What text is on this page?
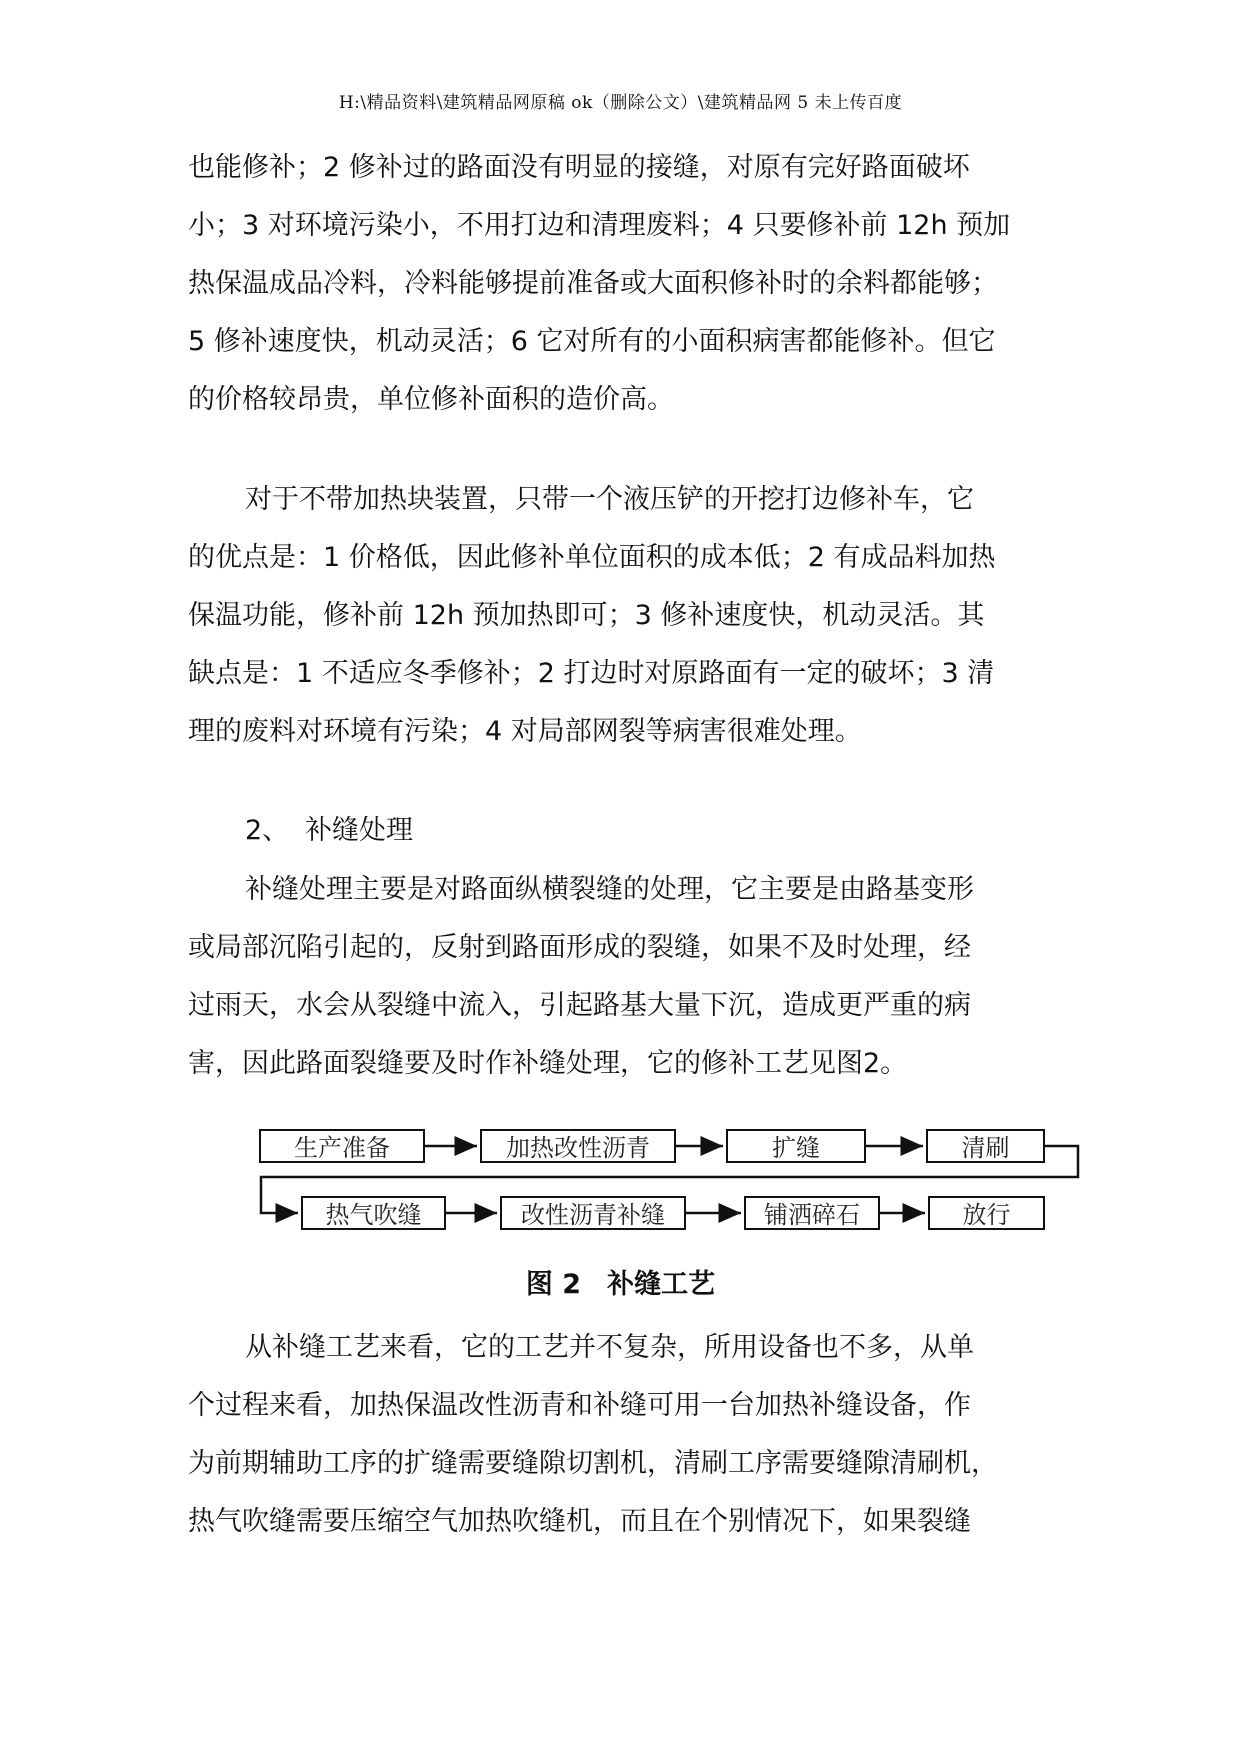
H:\精品资料\建筑精品网原稿 ok（删除公文）\建筑精品网 5 未上传百度
也能修补；2 修补过的路面没有明显的接缝，对原有完好路面破坏
小；3 对环境污染小，不用打边和清理废料；4 只要修补前 12h 预加
热保温成品冷料，冷料能够提前准备或大面积修补时的余料都能够；
5 修补速度快，机动灵活；6 它对所有的小面积病害都能修补。但它
的价格较昂贵，单位修补面积的造价高。
对于不带加热块装置，只带一个液压铲的开挖打边修补车，它
的优点是：1 价格低，因此修补单位面积的成本低；2 有成品料加热
保温功能，修补前 12h 预加热即可；3 修补速度快，机动灵活。其
缺点是：1 不适应冬季修补；2 打边时对原路面有一定的破坏；3 清
理的废料对环境有污染；4 对局部网裂等病害很难处理。
2、 补缝处理
补缝处理主要是对路面纵横裂缝的处理，它主要是由路基变形
或局部沉陷引起的，反射到路面形成的裂缝，如果不及时处理，经
过雨天，水会从裂缝中流入，引起路基大量下沉，造成更严重的病
害，因此路面裂缝要及时作补缝处理，它的修补工艺见图2。
生产准备	加热改性沥青	扩缝	清刷
热气吹缝	改性沥青补缝	铺洒碎石	放行
图 2 补缝工艺
从补缝工艺来看，它的工艺并不复杂，所用设备也不多，从单
个过程来看，加热保温改性沥青和补缝可用一台加热补缝设备，作
为前期辅助工序的扩缝需要缝隙切割机，清刷工序需要缝隙清刷机，
热气吹缝需要压缩空气加热吹缝机，而且在个别情况下，如果裂缝
